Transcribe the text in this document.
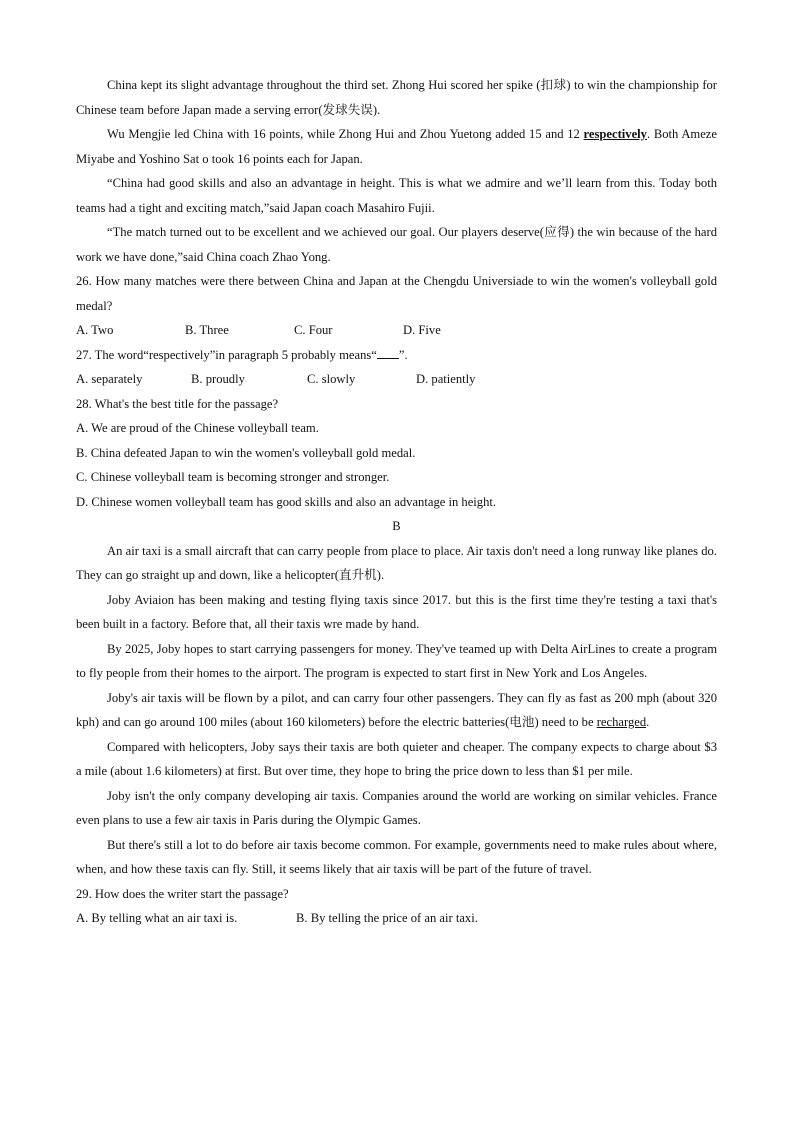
China kept its slight advantage throughout the third set. Zhong Hui scored her spike (扣球) to win the championship for Chinese team before Japan made a serving error(发球失误).

Wu Mengjie led China with 16 points, while Zhong Hui and Zhou Yuetong added 15 and 12 respectively. Both Ameze Miyabe and Yoshino Sat o took 16 points each for Japan.

“China had good skills and also an advantage in height. This is what we admire and we’ll learn from this. Today both teams had a tight and exciting match,”said Japan coach Masahiro Fujii.

“The match turned out to be excellent and we achieved our goal. Our players deserve(应得) the win because of the hard work we have done,”said China coach Zhao Yong.

26. How many matches were there between China and Japan at the Chengdu Universiade to win the women's volleyball gold medal?

A. Two	B. Three	C. Four	D. Five

27. The word“respectively”in paragraph 5 probably means“ ”.

A. separately	B. proudly	C. slowly	D. patiently

28. What's the best title for the passage?

A. We are proud of the Chinese volleyball team.

B. China defeated Japan to win the women's volleyball gold medal.

C. Chinese volleyball team is becoming stronger and stronger.

D. Chinese women volleyball team has good skills and also an advantage in height.

B

An air taxi is a small aircraft that can carry people from place to place. Air taxis don't need a long runway like planes do. They can go straight up and down, like a helicopter(直升机).

Joby Aviaion has been making and testing flying taxis since 2017. but this is the first time they're testing a taxi that's been built in a factory. Before that, all their taxis wre made by hand.

By 2025, Joby hopes to start carrying passengers for money. They've teamed up with Delta AirLines to create a program to fly people from their homes to the airport. The program is expected to start first in New York and Los Angeles.

Joby's air taxis will be flown by a pilot, and can carry four other passengers. They can fly as fast as 200 mph (about 320 kph) and can go around 100 miles (about 160 kilometers) before the electric batteries(电池) need to be recharged.

Compared with helicopters, Joby says their taxis are both quieter and cheaper. The company expects to charge about $3 a mile (about 1.6 kilometers) at first. But over time, they hope to bring the price down to less than $1 per mile.

Joby isn't the only company developing air taxis. Companies around the world are working on similar vehicles. France even plans to use a few air taxis in Paris during the Olympic Games.

But there's still a lot to do before air taxis become common. For example, governments need to make rules about where, when, and how these taxis can fly. Still, it seems likely that air taxis will be part of the future of travel.

29. How does the writer start the passage?

A. By telling what an air taxi is.	B. By telling the price of an air taxi.
